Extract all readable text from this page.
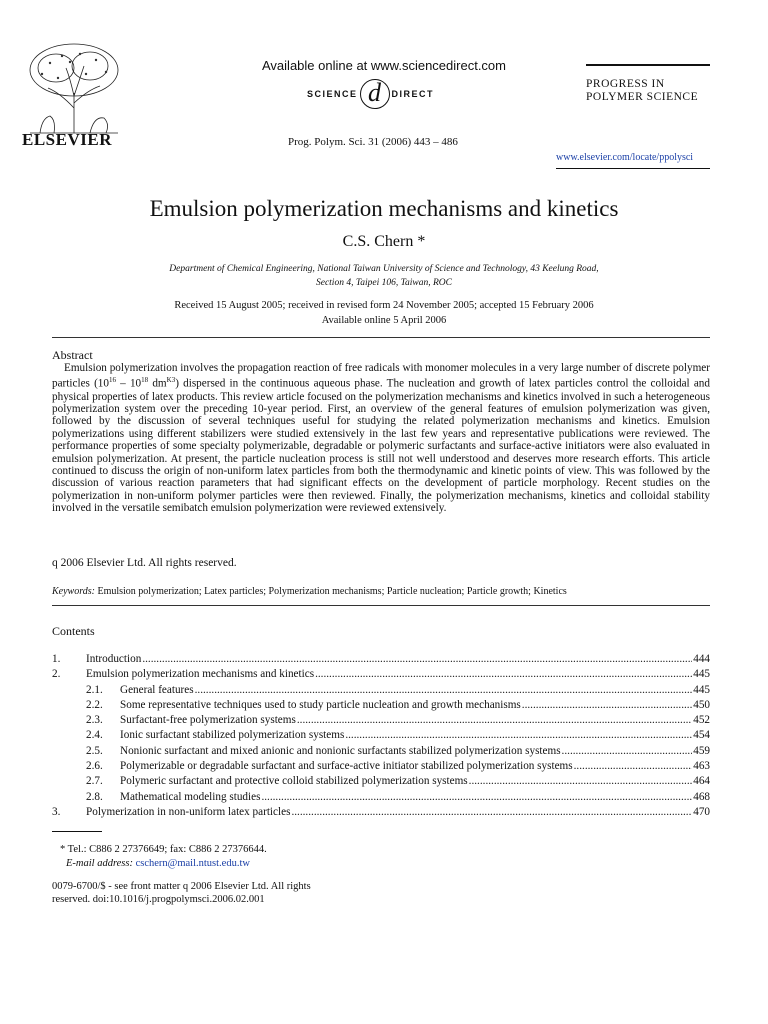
ELSEVIER
Available online at www.sciencedirect.com
SCIENCE d	DIRECT
Prog. Polym. Sci. 31 (2006) 443 – 486
PROGRESS IN
POLYMER SCIENCE
www.elsevier.com/locate/ppolysci
Emulsion polymerization mechanisms and kinetics
C.S. Chern *
Department of Chemical Engineering, National Taiwan University of Science and Technology, 43 Keelung Road,
Section 4, Taipei 106, Taiwan, ROC
Received 15 August 2005; received in revised form 24 November 2005; accepted 15 February 2006
Available online 5 April 2006
Abstract
Emulsion polymerization involves the propagation reaction of free radicals with monomer molecules in a very large number of discrete polymer particles ($10^{16} - 10^{18}$ $dm^{K3}$) dispersed in the continuous aqueous phase. The nucleation and growth of latex particles control the colloidal and physical properties of latex products. This review article focused on the polymerization mechanisms and kinetics involved in such a heterogeneous polymerization system over the preceding 10-year period. First, an overview of the general features of emulsion polymerization was given, followed by the discussion of several techniques useful for studying the related polymerization mechanisms and kinetics. Emulsion polymerizations using different stabilizers were studied extensively in the last few years and representative publications were reviewed. The performance properties of some specialty polymerizable, degradable or polymeric surfactants and surface-active initiators were also evaluated in emulsion polymerization. At present, the particle nucleation process is still not well understood and deserves more research efforts. This article continued to discuss the origin of non-uniform latex particles from both the thermodynamic and kinetic points of view. This was followed by the discussion of various reaction parameters that had significant effects on the development of particle morphology. Recent studies on the polymerization in non-uniform polymer particles were then reviewed. Finally, the polymerization mechanisms, kinetics and colloidal stability involved in the versatile semibatch emulsion polymerization were reviewed extensively.
q 2006 Elsevier Ltd. All rights reserved.
Keywords: Emulsion polymerization; Latex particles; Polymerization mechanisms; Particle nucleation; Particle growth; Kinetics
Contents
1.	Introduction .....	444
2.	Emulsion polymerization mechanisms and kinetics .....	445
2.1.	General features .....	445
2.2.	Some representative techniques used to study particle nucleation and growth mechanisms .....	450
2.3.	Surfactant-free polymerization systems .....	452
2.4.	Ionic surfactant stabilized polymerization systems .....	454
2.5.	Nonionic surfactant and mixed anionic and nonionic surfactants stabilized polymerization systems .....	459
2.6.	Polymerizable or degradable surfactant and surface-active initiator stabilized polymerization systems .....	463
2.7.	Polymeric surfactant and protective colloid stabilized polymerization systems .....	464
2.8.	Mathematical modeling studies .....	468
3.	Polymerization in non-uniform latex particles .....	470
* Tel.: C886 2 27376649; fax: C886 2 27376644.
E-mail address: cschern@mail.ntust.edu.tw
0079-6700/$ - see front matter q 2006 Elsevier Ltd. All rights
reserved. doi:10.1016/j.progpolymsci.2006.02.001
